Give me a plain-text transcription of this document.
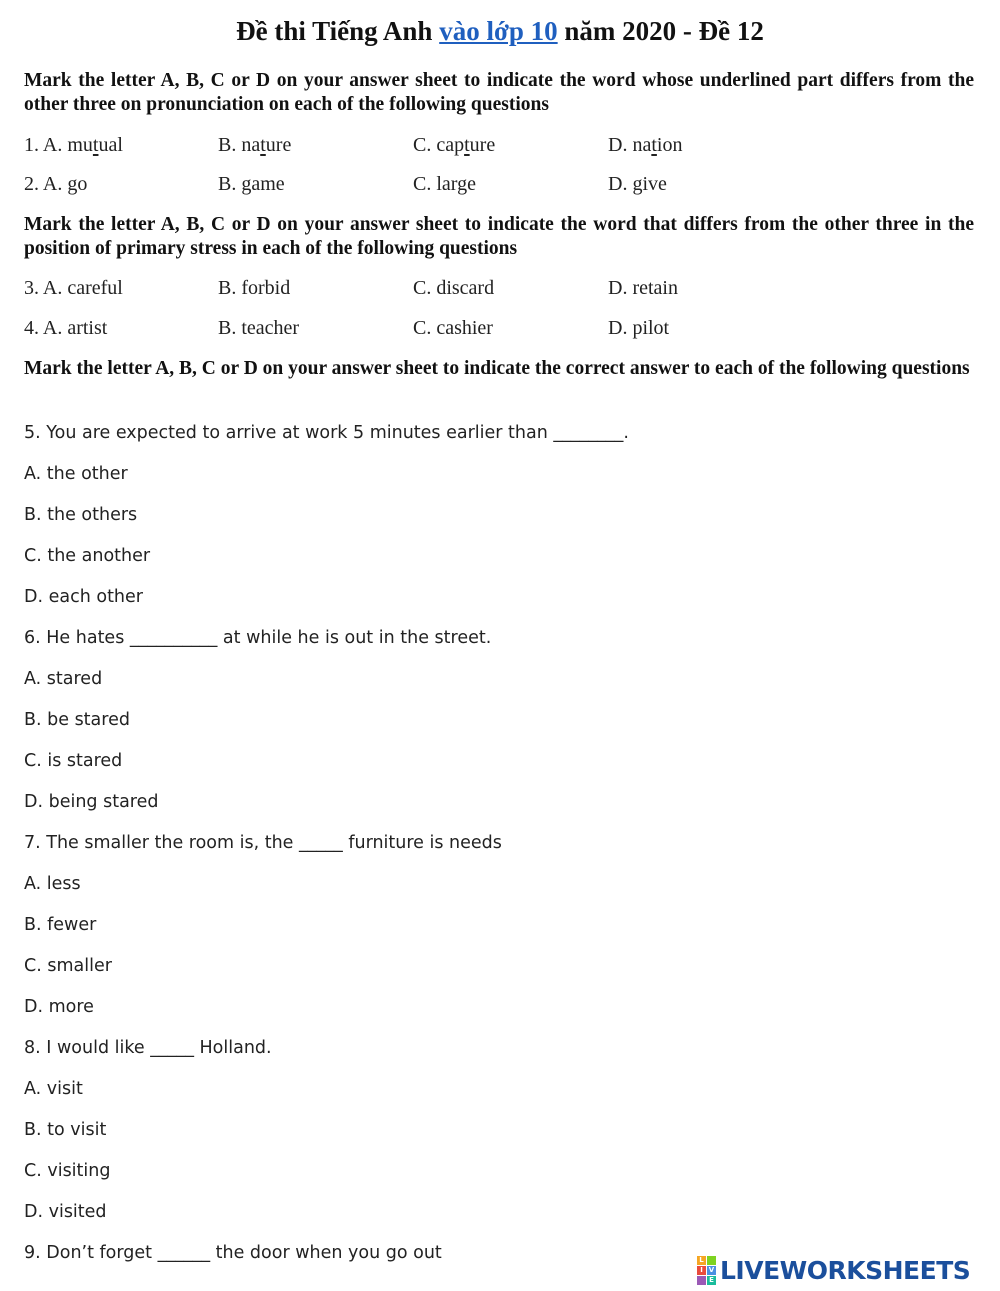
Đề thi Tiếng Anh vào lớp 10 năm 2020 - Đề 12
Mark the letter A, B, C or D on your answer sheet to indicate the word whose underlined part differs from the other three on pronunciation on each of the following questions
1. A. mutual	B. nature	C. capture	D. nation
2. A. go	B. game	C. large	D. give
Mark the letter A, B, C or D on your answer sheet to indicate the word that differs from the other three in the position of primary stress in each of the following questions
3. A. careful	B. forbid	C. discard	D. retain
4. A. artist	B. teacher	C. cashier	D. pilot
Mark the letter A, B, C or D on your answer sheet to indicate the correct answer to each of the following questions
5. You are expected to arrive at work 5 minutes earlier than ________.
A. the other
B. the others
C. the another
D. each other
6. He hates __________ at while he is out in the street.
A. stared
B. be stared
C. is stared
D. being stared
7. The smaller the room is, the _____ furniture is needs
A. less
B. fewer
C. smaller
D. more
8. I would like _____ Holland.
A. visit
B. to visit
C. visiting
D. visited
9. Don’t forget ______ the door when you go out	L
I V
E LIVEWORKSHEETS
